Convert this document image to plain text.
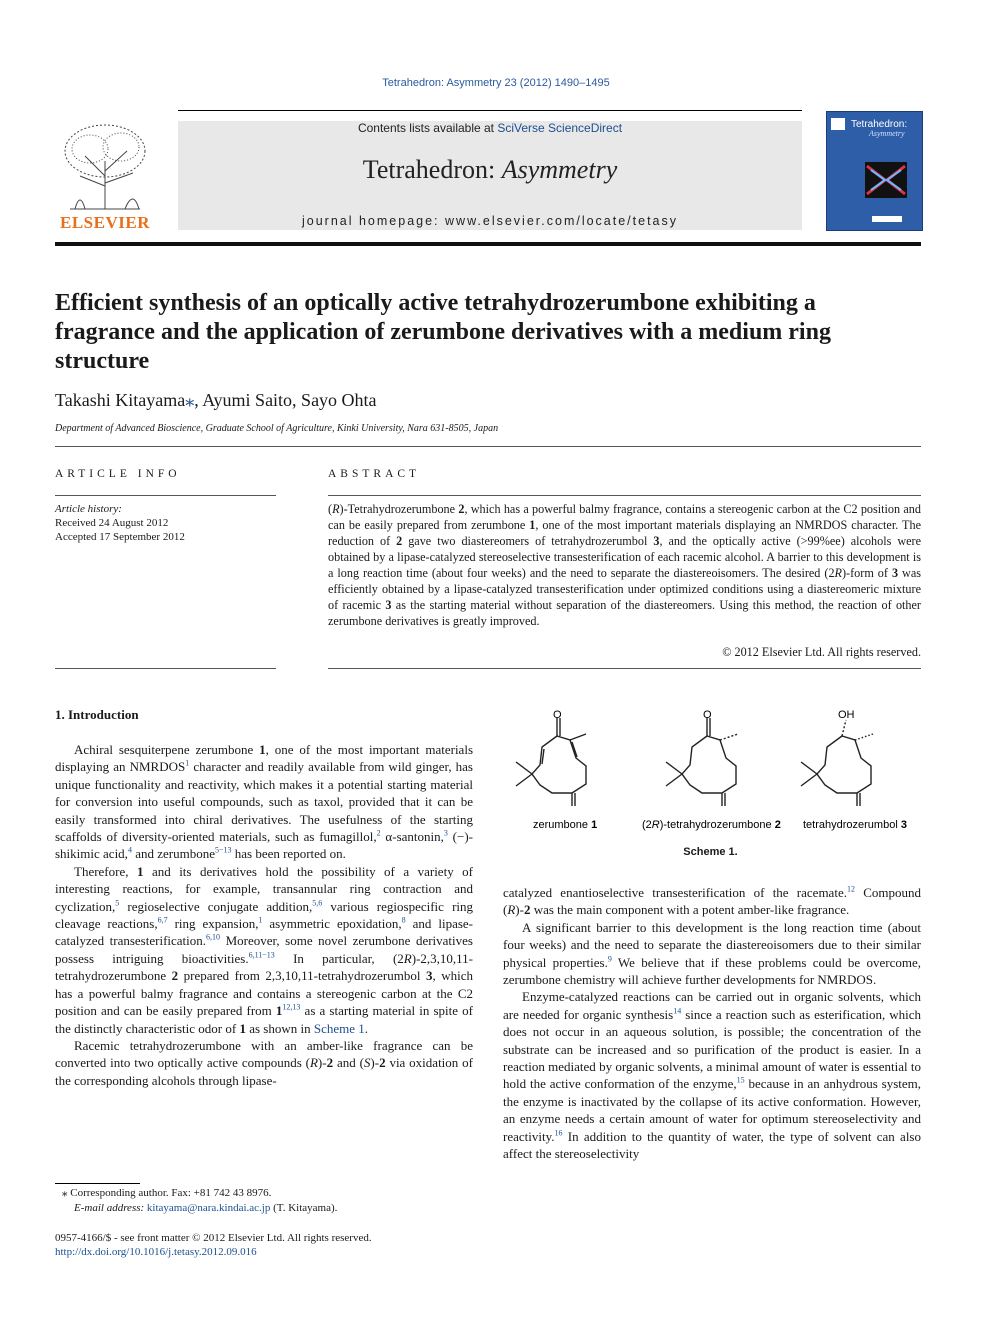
Tetrahedron: Asymmetry 23 (2012) 1490–1495
ELSEVIER
Contents lists available at SciVerse ScienceDirect
Tetrahedron: Asymmetry
journal homepage: www.elsevier.com/locate/tetasy
Tetrahedron:
Asymmetry
Efficient synthesis of an optically active tetrahydrozerumbone exhibiting a fragrance and the application of zerumbone derivatives with a medium ring structure
Takashi Kitayama⁎, Ayumi Saito, Sayo Ohta
Department of Advanced Bioscience, Graduate School of Agriculture, Kinki University, Nara 631-8505, Japan
ARTICLE INFO
Article history:
Received 24 August 2012
Accepted 17 September 2012
ABSTRACT
(R)-Tetrahydrozerumbone 2, which has a powerful balmy fragrance, contains a stereogenic carbon at the C2 position and can be easily prepared from zerumbone 1, one of the most important materials displaying an NMRDOS character. The reduction of 2 gave two diastereomers of tetrahydrozerumbol 3, and the optically active (>99%ee) alcohols were obtained by a lipase-catalyzed stereoselective transesterification of each racemic alcohol. A barrier to this development is a long reaction time (about four weeks) and the need to separate the diastereoisomers. The desired (2R)-form of 3 was efficiently obtained by a lipase-catalyzed transesterification under optimized conditions using a diastereomeric mixture of racemic 3 as the starting material without separation of the diastereomers. Using this method, the reaction of other zerumbone derivatives is greatly improved.
© 2012 Elsevier Ltd. All rights reserved.
1. Introduction

Achiral sesquiterpene zerumbone 1, one of the most important materials displaying an NMRDOS$^1$ character and readily available from wild ginger, has unique functionality and reactivity, which makes it a potential starting material for conversion into useful compounds, such as taxol, provided that it can be easily transformed into chiral derivatives. The usefulness of the starting scaffolds of diversity-oriented materials, such as fumagillol,$^2$ α-santonin,$^3$ (−)-shikimic acid,$^4$ and zerumbone$^{5-13}$ has been reported on.

Therefore, 1 and its derivatives hold the possibility of a variety of interesting reactions, for example, transannular ring contraction and cyclization,$^5$ regioselective conjugate addition,$^{5,6}$ various regiospecific ring cleavage reactions,$^{6,7}$ ring expansion,$^1$ asymmetric epoxidation,$^8$ and lipase-catalyzed transesterification.$^{6,10}$ Moreover, some novel zerumbone derivatives possess intriguing bioactivities.$^{6,11-13}$ In particular, (2R)-2,3,10,11-tetrahydrozerumbone 2 prepared from 2,3,10,11-tetrahydrozerumbol 3, which has a powerful balmy fragrance and contains a stereogenic carbon at the C2 position and can be easily prepared from 1$^{12,13}$ as a starting material in spite of the distinctly characteristic odor of 1 as shown in Scheme 1.

Racemic tetrahydrozerumbone with an amber-like fragrance can be converted into two optically active compounds (R)-2 and (S)-2 via oxidation of the corresponding alcohols through lipase-

O	O	OH
zerumbone 1	(2R)-tetrahydrozerumbone 2 tetrahydrozerumbol 3
Scheme 1.

catalyzed enantioselective transesterification of the racemate.$^{12}$ Compound (R)-2 was the main component with a potent amber-like fragrance.

A significant barrier to this development is the long reaction time (about four weeks) and the need to separate the diastereoisomers due to their similar physical properties.$^9$ We believe that if these problems could be overcome, zerumbone chemistry will achieve further developments for NMRDOS.

Enzyme-catalyzed reactions can be carried out in organic solvents, which are needed for organic synthesis$^{14}$ since a reaction such as esterification, which does not occur in an aqueous solution, is possible; the concentration of the substrate can be increased and so purification of the product is easier. In a reaction mediated by organic solvents, a minimal amount of water is essential to hold the active conformation of the enzyme,$^{15}$ because in an anhydrous system, the enzyme is inactivated by the collapse of its active conformation. However, an enzyme needs a certain amount of water for optimum stereoselectivity and reactivity.$^{16}$ In addition to the quantity of water, the type of solvent can also affect the stereoselectivity

⁎ Corresponding author. Fax: +81 742 43 8976.
E-mail address: kitayama@nara.kindai.ac.jp (T. Kitayama).
0957-4166/$ - see front matter © 2012 Elsevier Ltd. All rights reserved.
http://dx.doi.org/10.1016/j.tetasy.2012.09.016
